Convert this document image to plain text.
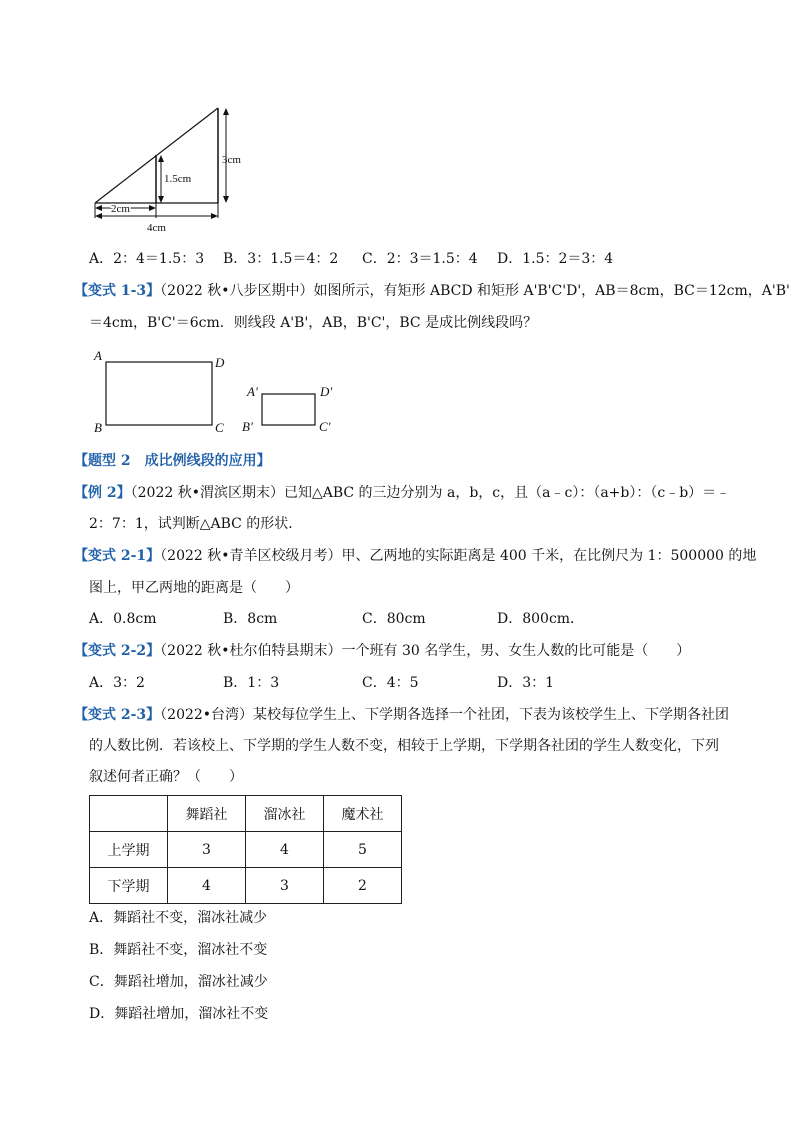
3cm
1.5cm
2cm
4cm
A．2：4＝1.5：3 B．3：1.5＝4：2 C．2：3＝1.5：4 D．1.5：2＝3：4
【变式 1-3】（2022 秋•八步区期中）如图所示，有矩形 ABCD 和矩形 A'B'C'D'，AB＝8cm，BC＝12cm，A'B'
＝4cm，B'C'＝6cm．则线段 A'B'，AB，B'C'，BC 是成比例线段吗？
A	D
B	C
A'	D'
B'	C'
【题型 2　成比例线段的应用】
【例 2】（2022 秋•渭滨区期末）已知△ABC 的三边分别为 a，b，c，且（a﹣c）：（a+b）：（c﹣b）＝﹣
2：7：1，试判断△ABC 的形状．
【变式 2-1】（2022 秋•青羊区校级月考）甲、乙两地的实际距离是 400 千米，在比例尺为 1：500000 的地
图上，甲乙两地的距离是（　　）
A．0.8cm	B．8cm	C．80cm	D．800cm．
【变式 2-2】（2022 秋•杜尔伯特县期末）一个班有 30 名学生，男、女生人数的比可能是（　　）
A．3：2	B．1：3	C．4：5	D．3：1
【变式 2-3】（2022•台湾）某校每位学生上、下学期各选择一个社团，下表为该校学生上、下学期各社团
的人数比例．若该校上、下学期的学生人数不变，相较于上学期，下学期各社团的学生人数变化，下列
叙述何者正确？（　　）
	舞蹈社	溜冰社	魔术社
上学期	3	4	5
下学期	4	3	2
A．舞蹈社不变，溜冰社减少
B．舞蹈社不变，溜冰社不变
C．舞蹈社增加，溜冰社减少
D．舞蹈社增加，溜冰社不变
